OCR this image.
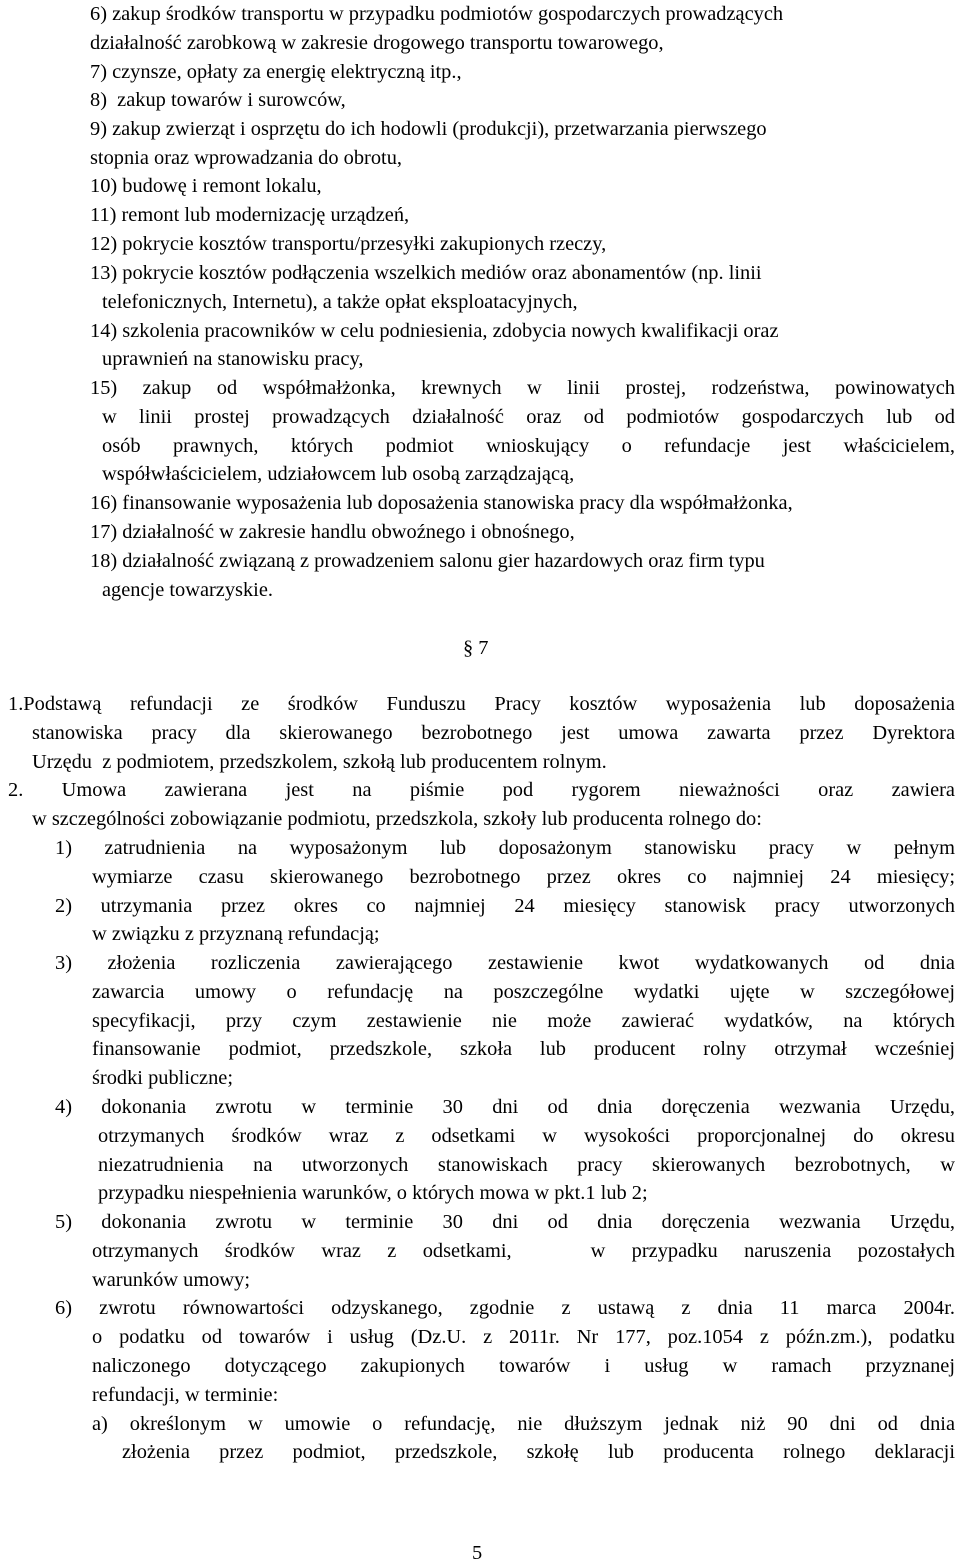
6) zakup środków transportu w przypadku podmiotów gospodarczych prowadzących
działalność zarobkową w zakresie drogowego transportu towarowego,
7) czynsze, opłaty za energię elektryczną itp.,
8)  zakup towarów i surowców,
9) zakup zwierząt i osprzętu do ich hodowli (produkcji), przetwarzania pierwszego
stopnia oraz wprowadzania do obrotu,
10) budowę i remont lokalu,
11) remont lub modernizację urządzeń,
12) pokrycie kosztów transportu/przesyłki zakupionych rzeczy,
13) pokrycie kosztów podłączenia wszelkich mediów oraz abonamentów (np. linii
telefonicznych, Internetu), a także opłat eksploatacyjnych,
14) szkolenia pracowników w celu podniesienia, zdobycia nowych kwalifikacji oraz
uprawnień na stanowisku pracy,
15) zakup od współmałżonka, krewnych w linii prostej, rodzeństwa, powinowatych
w linii prostej prowadzących działalność oraz od podmiotów gospodarczych lub od
osób prawnych, których podmiot wnioskujący o refundacje jest właścicielem,
współwłaścicielem, udziałowcem lub osobą zarządzającą,
16) finansowanie wyposażenia lub doposażenia stanowiska pracy dla współmałżonka,
17) działalność w zakresie handlu obwoźnego i obnośnego,
18) działalność związaną z prowadzeniem salonu gier hazardowych oraz firm typu
agencje towarzyskie.
§ 7
1.Podstawą refundacji ze środków Funduszu Pracy kosztów wyposażenia lub doposażenia
stanowiska pracy dla skierowanego bezrobotnego jest umowa zawarta przez Dyrektora
Urzędu  z podmiotem, przedszkolem, szkołą lub producentem rolnym.
2. Umowa zawierana jest na piśmie pod rygorem nieważności oraz zawiera
w szczególności zobowiązanie podmiotu, przedszkola, szkoły lub producenta rolnego do:
1) zatrudnienia na wyposażonym lub doposażonym stanowisku pracy w pełnym
wymiarze czasu skierowanego bezrobotnego przez okres co najmniej 24 miesięcy;
2) utrzymania przez okres co najmniej 24 miesięcy stanowisk pracy utworzonych
w związku z przyznaną refundacją;
3) złożenia rozliczenia zawierającego zestawienie kwot wydatkowanych od dnia
zawarcia umowy o refundację na poszczególne wydatki ujęte w szczegółowej
specyfikacji, przy czym zestawienie nie może zawierać wydatków, na których
finansowanie podmiot, przedszkole, szkoła lub producent rolny otrzymał wcześniej
środki publiczne;
4) dokonania zwrotu w terminie 30 dni od dnia doręczenia wezwania Urzędu,
otrzymanych środków wraz z odsetkami w wysokości proporcjonalnej do okresu
niezatrudnienia na utworzonych stanowiskach pracy skierowanych bezrobotnych, w
przypadku niespełnienia warunków, o których mowa w pkt.1 lub 2;
5) dokonania zwrotu w terminie 30 dni od dnia doręczenia wezwania Urzędu,
otrzymanych środków wraz z odsetkami,   w przypadku naruszenia pozostałych
warunków umowy;
6) zwrotu równowartości odzyskanego, zgodnie z ustawą z dnia 11 marca 2004r.
o podatku od towarów i usług (Dz.U. z 2011r. Nr 177, poz.1054 z późn.zm.), podatku
naliczonego dotyczącego zakupionych towarów i usług w ramach przyznanej
refundacji, w terminie:
a) określonym w umowie o refundację, nie dłuższym jednak niż 90 dni od dnia
złożenia przez podmiot, przedszkole, szkołę lub producenta rolnego deklaracji
5
